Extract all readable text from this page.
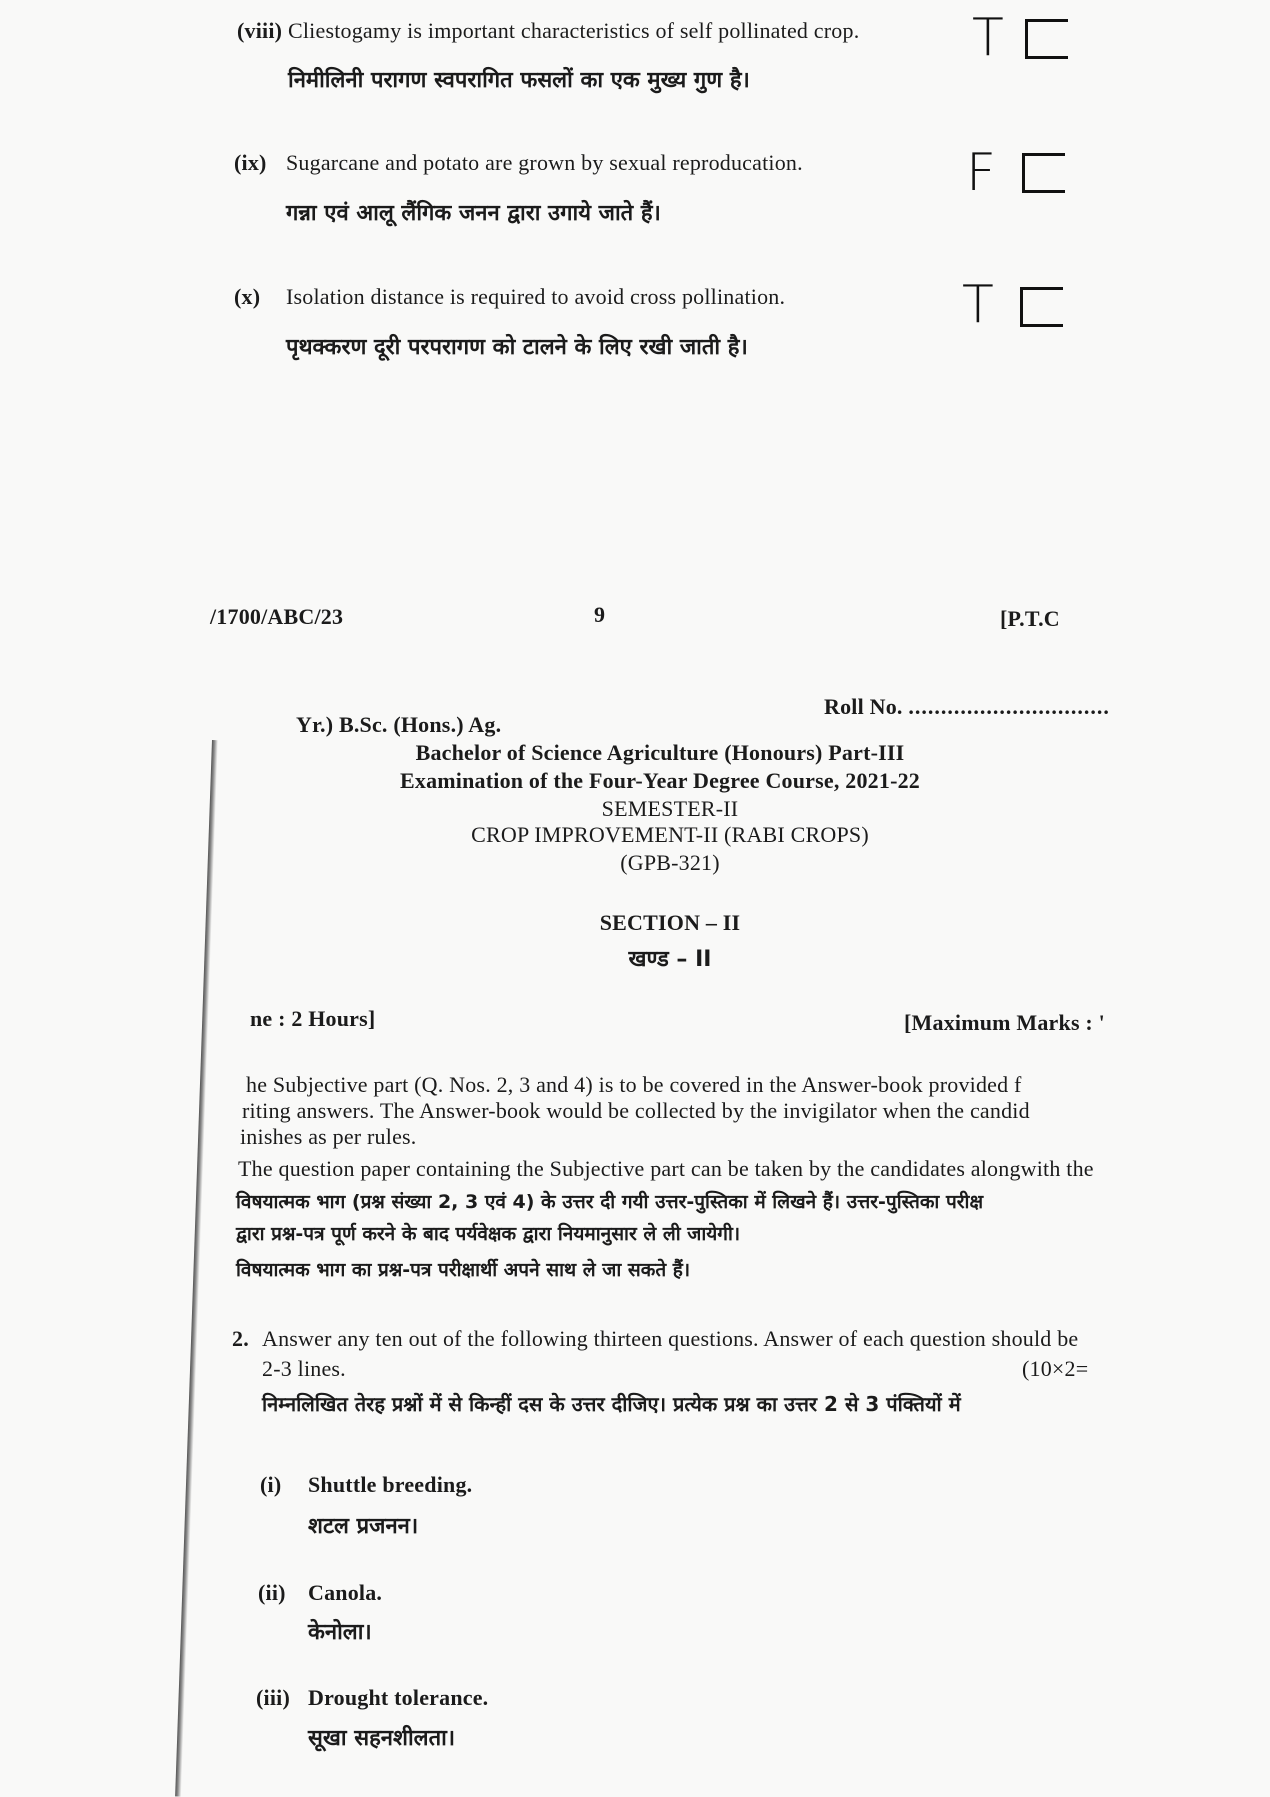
(viii) Cliestogamy is important characteristics of self pollinated crop.
निमीलिनी परागण स्वपरागित फसलों का एक मुख्य गुण है।
T
(ix) Sugarcane and potato are grown by sexual reproducation.
गन्ना एवं आलू लैंगिक जनन द्वारा उगाये जाते हैं।
F
(x) Isolation distance is required to avoid cross pollination.
पृथक्करण दूरी परपरागण को टालने के लिए रखी जाती है।
T
/1700/ABC/23	9	[P.T.C
Yr.) B.Sc. (Hons.) Ag.
Roll No. ...............................
Bachelor of Science Agriculture (Honours) Part-III
Examination of the Four-Year Degree Course, 2021-22
SEMESTER-II
CROP IMPROVEMENT-II (RABI CROPS)
(GPB-321)
SECTION – II
खण्ड – II
ne : 2 Hours]	[Maximum Marks : '
he Subjective part (Q. Nos. 2, 3 and 4) is to be covered in the Answer-book provided f
riting answers. The Answer-book would be collected by the invigilator when the candid
inishes as per rules.
The question paper containing the Subjective part can be taken by the candidates alongwith the
विषयात्मक भाग (प्रश्न संख्या 2, 3 एवं 4) के उत्तर दी गयी उत्तर-पुस्तिका में लिखने हैं। उत्तर-पुस्तिका परीक्ष
द्वारा प्रश्न-पत्र पूर्ण करने के बाद पर्यवेक्षक द्वारा नियमानुसार ले ली जायेगी।
विषयात्मक भाग का प्रश्न-पत्र परीक्षार्थी अपने साथ ले जा सकते हैं।
2. Answer any ten out of the following thirteen questions. Answer of each question should be
2-3 lines.	(10×2=
निम्नलिखित तेरह प्रश्नों में से किन्हीं दस के उत्तर दीजिए। प्रत्येक प्रश्न का उत्तर 2 से 3 पंक्तियों में
(i) Shuttle breeding.
शटल प्रजनन।
(ii) Canola.
केनोला।
(iii) Drought tolerance.
सूखा सहनशीलता।
